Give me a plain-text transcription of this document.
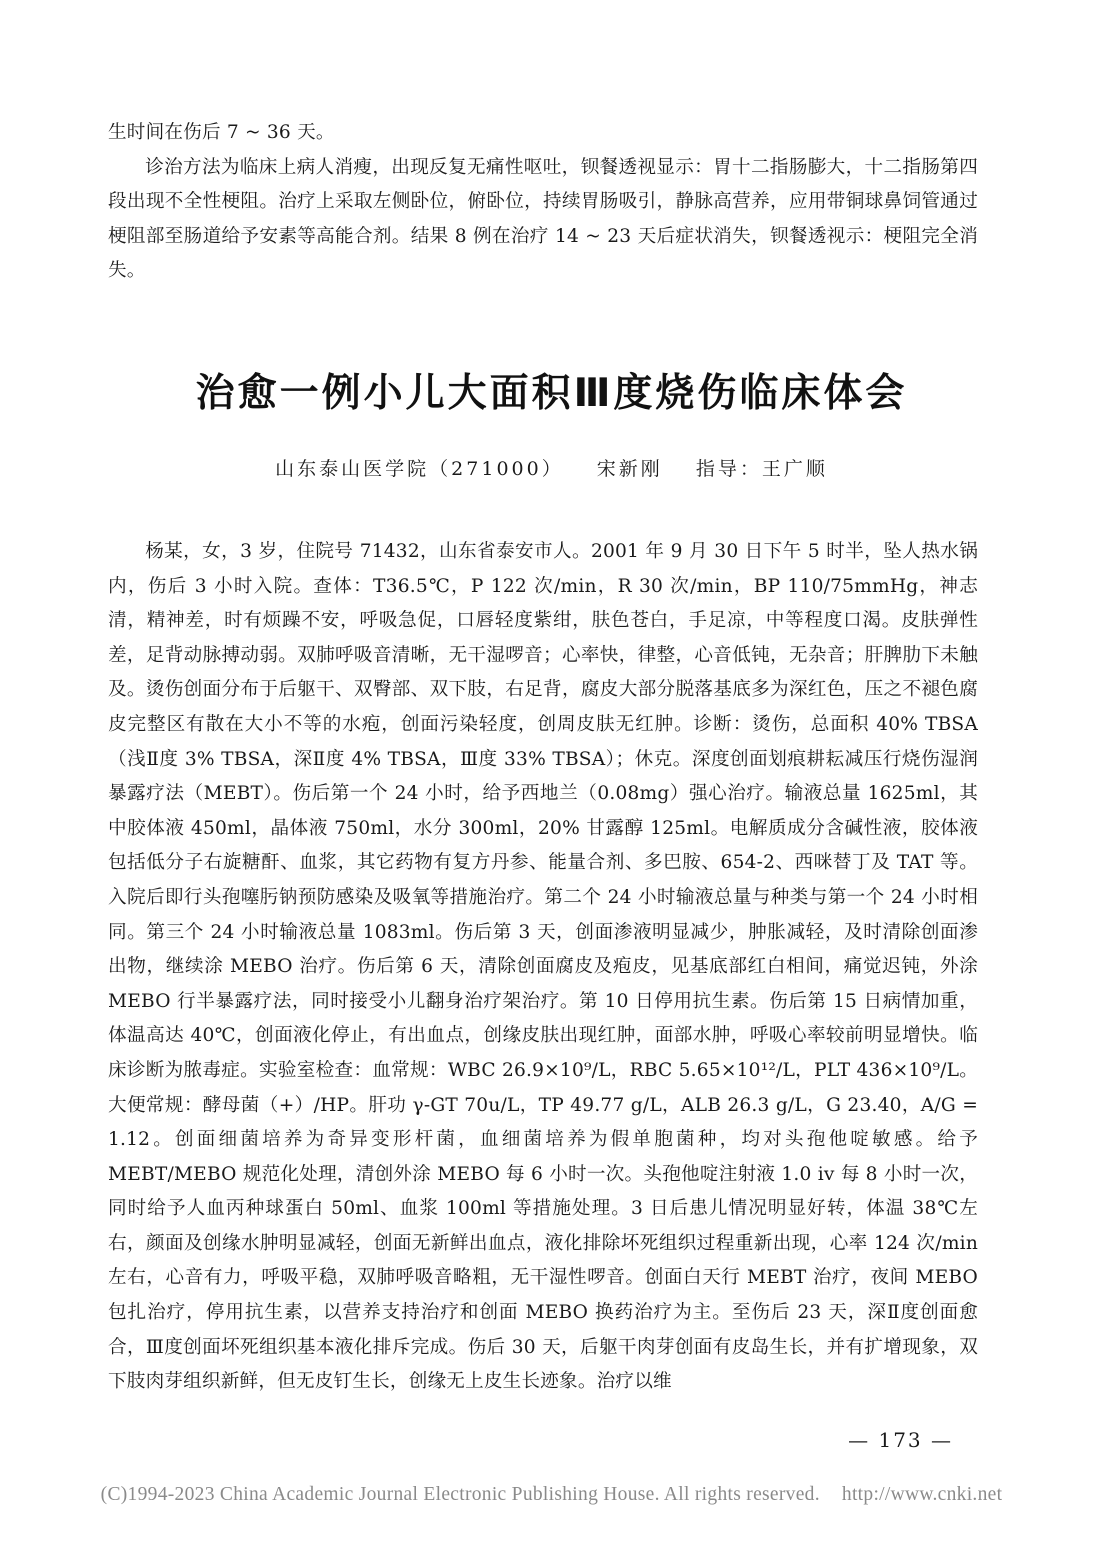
生时间在伤后 7 ~ 36 天。

诊治方法为临床上病人消瘦，出现反复无痛性呕吐，钡餐透视显示：胃十二指肠膨大，十二指肠第四段出现不全性梗阻。治疗上采取左侧卧位，俯卧位，持续胃肠吸引，静脉高营养，应用带铜球鼻饲管通过梗阻部至肠道给予安素等高能合剂。结果 8 例在治疗 14 ~ 23 天后症状消失，钡餐透视示：梗阻完全消失。

治愈一例小儿大面积Ⅲ度烧伤临床体会
山东泰山医学院（271000） 宋新刚 指导：王广顺

杨某，女，3 岁，住院号 71432，山东省泰安市人。2001 年 9 月 30 日下午 5 时半，坠人热水锅内，伤后 3 小时入院。查体：T36.5℃，P 122 次/min，R 30 次/min，BP 110/75mmHg，神志清，精神差，时有烦躁不安，呼吸急促，口唇轻度紫绀，肤色苍白，手足凉，中等程度口渴。皮肤弹性差，足背动脉搏动弱。双肺呼吸音清晰，无干湿啰音；心率快，律整，心音低钝，无杂音；肝脾肋下未触及。烫伤创面分布于后躯干、双臀部、双下肢，右足背，腐皮大部分脱落基底多为深红色，压之不褪色腐皮完整区有散在大小不等的水疱，创面污染轻度，创周皮肤无红肿。诊断：烫伤，总面积 40% TBSA（浅Ⅱ度 3% TBSA，深Ⅱ度 4% TBSA，Ⅲ度 33% TBSA）；休克。深度创面划痕耕耘减压行烧伤湿润暴露疗法（MEBT）。伤后第一个 24 小时，给予西地兰（0.08mg）强心治疗。输液总量 1625ml，其中胶体液 450ml，晶体液 750ml，水分 300ml，20% 甘露醇 125ml。电解质成分含碱性液，胶体液包括低分子右旋糖酐、血浆，其它药物有复方丹参、能量合剂、多巴胺、654-2、西咪替丁及 TAT 等。入院后即行头孢噻肟钠预防感染及吸氧等措施治疗。第二个 24 小时输液总量与种类与第一个 24 小时相同。第三个 24 小时输液总量 1083ml。伤后第 3 天，创面渗液明显减少，肿胀减轻，及时清除创面渗出物，继续涂 MEBO 治疗。伤后第 6 天，清除创面腐皮及疱皮，见基底部红白相间，痛觉迟钝，外涂 MEBO 行半暴露疗法，同时接受小儿翻身治疗架治疗。第 10 日停用抗生素。伤后第 15 日病情加重，体温高达 40℃，创面液化停止，有出血点，创缘皮肤出现红肿，面部水肿，呼吸心率较前明显增快。临床诊断为脓毒症。实验室检查：血常规：WBC 26.9×10⁹/L，RBC 5.65×10¹²/L，PLT 436×10⁹/L。大便常规：酵母菌（+）/HP。肝功 γ-GT 70u/L，TP 49.77 g/L，ALB 26.3 g/L，G 23.40，A/G = 1.12。创面细菌培养为奇异变形杆菌，血细菌培养为假单胞菌种，均对头孢他啶敏感。给予 MEBT/MEBO 规范化处理，清创外涂 MEBO 每 6 小时一次。头孢他啶注射液 1.0 iv 每 8 小时一次，同时给予人血丙种球蛋白 50ml、血浆 100ml 等措施处理。3 日后患儿情况明显好转，体温 38℃左右，颜面及创缘水肿明显减轻，创面无新鲜出血点，液化排除坏死组织过程重新出现，心率 124 次/min 左右，心音有力，呼吸平稳，双肺呼吸音略粗，无干湿性啰音。创面白天行 MEBT 治疗，夜间 MEBO 包扎治疗，停用抗生素，以营养支持治疗和创面 MEBO 换药治疗为主。至伤后 23 天，深Ⅱ度创面愈合，Ⅲ度创面坏死组织基本液化排斥完成。伤后 30 天，后躯干肉芽创面有皮岛生长，并有扩增现象，双下肢肉芽组织新鲜，但无皮钉生长，创缘无上皮生长迹象。治疗以维

— 173 —
(C)1994-2023 China Academic Journal Electronic Publishing House. All rights reserved. http://www.cnki.net
